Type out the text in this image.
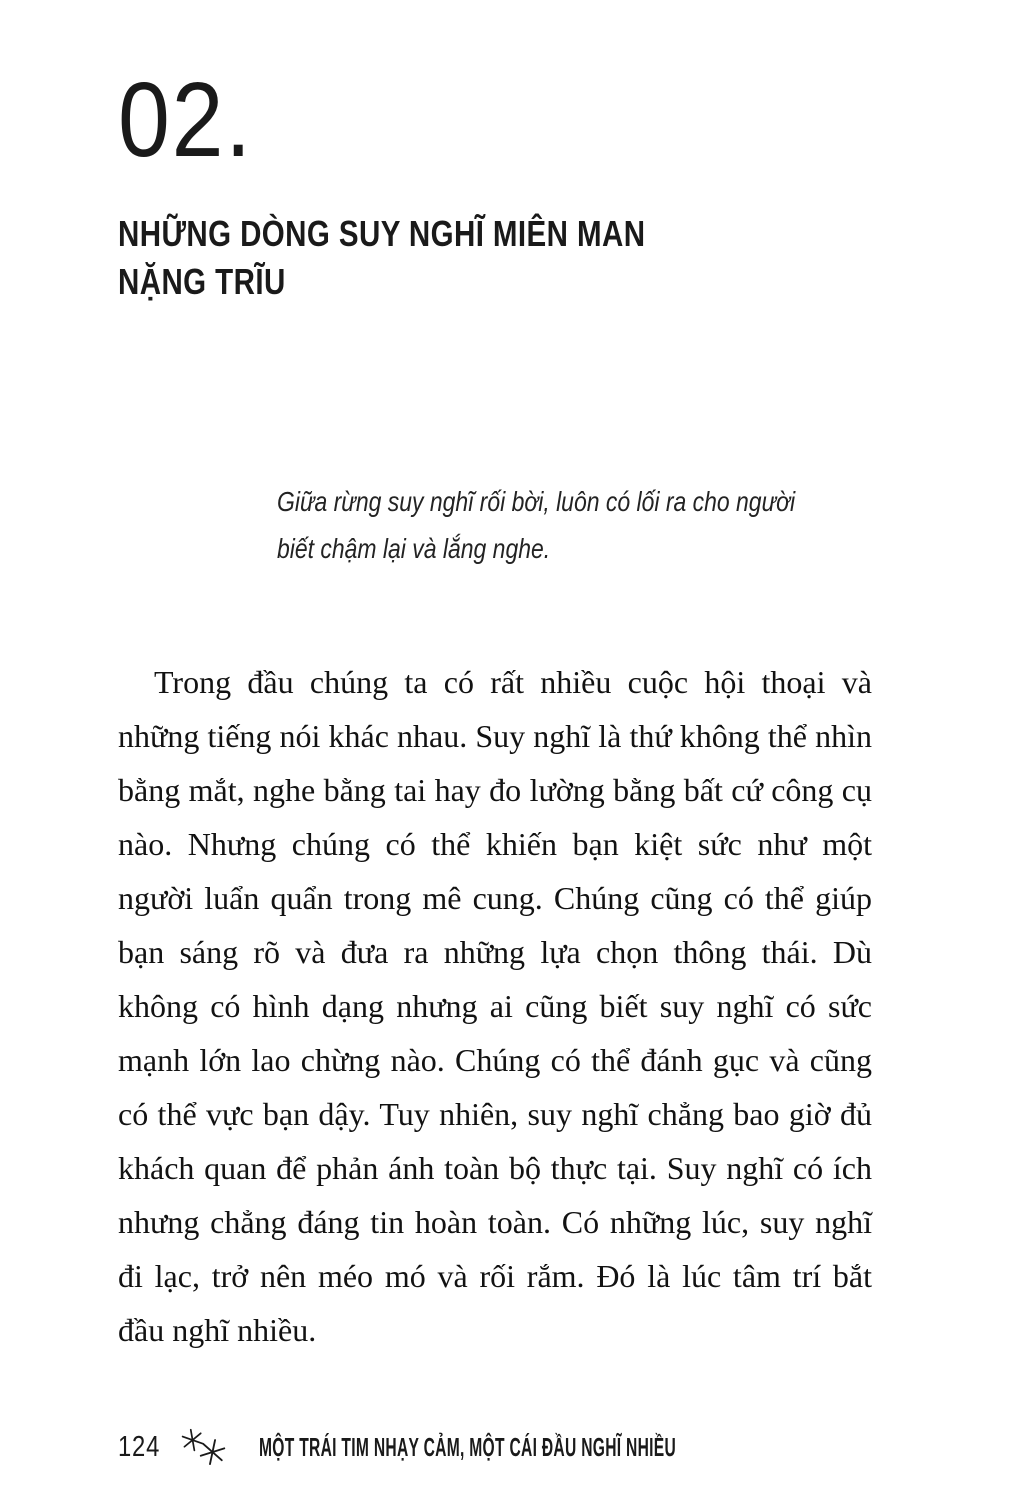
02.
NHỮNG DÒNG SUY NGHĨ MIÊN MAN
NẶNG TRĨU
Giữa rừng suy nghĩ rối bời, luôn có lối ra cho người
biết chậm lại và lắng nghe.

Trong đầu chúng ta có rất nhiều cuộc hội thoại và những tiếng nói khác nhau. Suy nghĩ là thứ không thể nhìn bằng mắt, nghe bằng tai hay đo lường bằng bất cứ công cụ nào. Nhưng chúng có thể khiến bạn kiệt sức như một người luẩn quẩn trong mê cung. Chúng cũng có thể giúp bạn sáng rõ và đưa ra những lựa chọn thông thái. Dù không có hình dạng nhưng ai cũng biết suy nghĩ có sức mạnh lớn lao chừng nào. Chúng có thể đánh gục và cũng có thể vực bạn dậy. Tuy nhiên, suy nghĩ chẳng bao giờ đủ khách quan để phản ánh toàn bộ thực tại. Suy nghĩ có ích nhưng chẳng đáng tin hoàn toàn. Có những lúc, suy nghĩ đi lạc, trở nên méo mó và rối rắm. Đó là lúc tâm trí bắt đầu nghĩ nhiều.

124	MỘT TRÁI TIM NHẠY CẢM, MỘT CÁI ĐẦU NGHĨ NHIỀU
